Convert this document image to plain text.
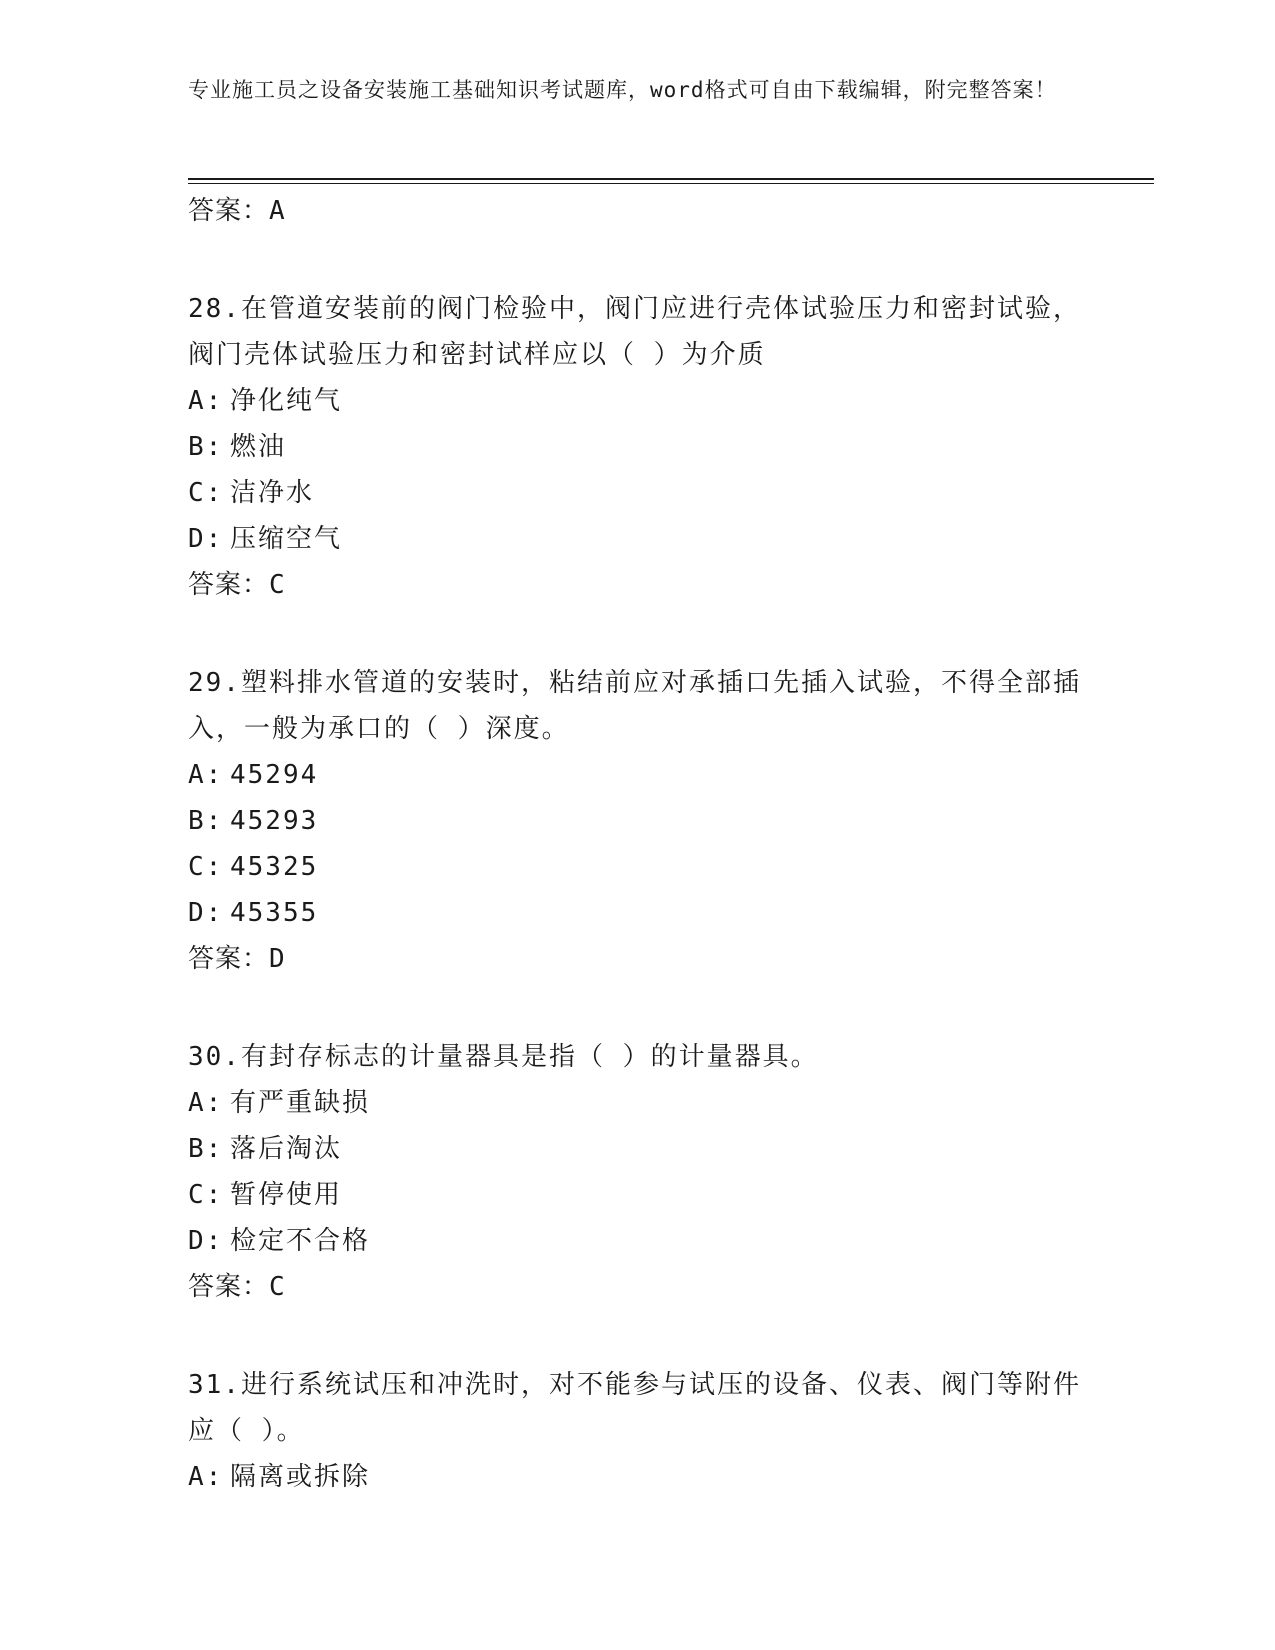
专业施工员之设备安装施工基础知识考试题库，word格式可自由下载编辑，附完整答案！
答案：A
28.在管道安装前的阀门检验中，阀门应进行壳体试验压力和密封试验，阀门壳体试验压力和密封试样应以（ ）为介质
A: 净化纯气
B: 燃油
C: 洁净水
D: 压缩空气
答案：C
29.塑料排水管道的安装时，粘结前应对承插口先插入试验，不得全部插入，一般为承口的（ ）深度。
A: 45294
B: 45293
C: 45325
D: 45355
答案：D
30.有封存标志的计量器具是指（ ）的计量器具。
A: 有严重缺损
B: 落后淘汰
C: 暂停使用
D: 检定不合格
答案：C
31.进行系统试压和冲洗时，对不能参与试压的设备、仪表、阀门等附件应（ ）。
A: 隔离或拆除
